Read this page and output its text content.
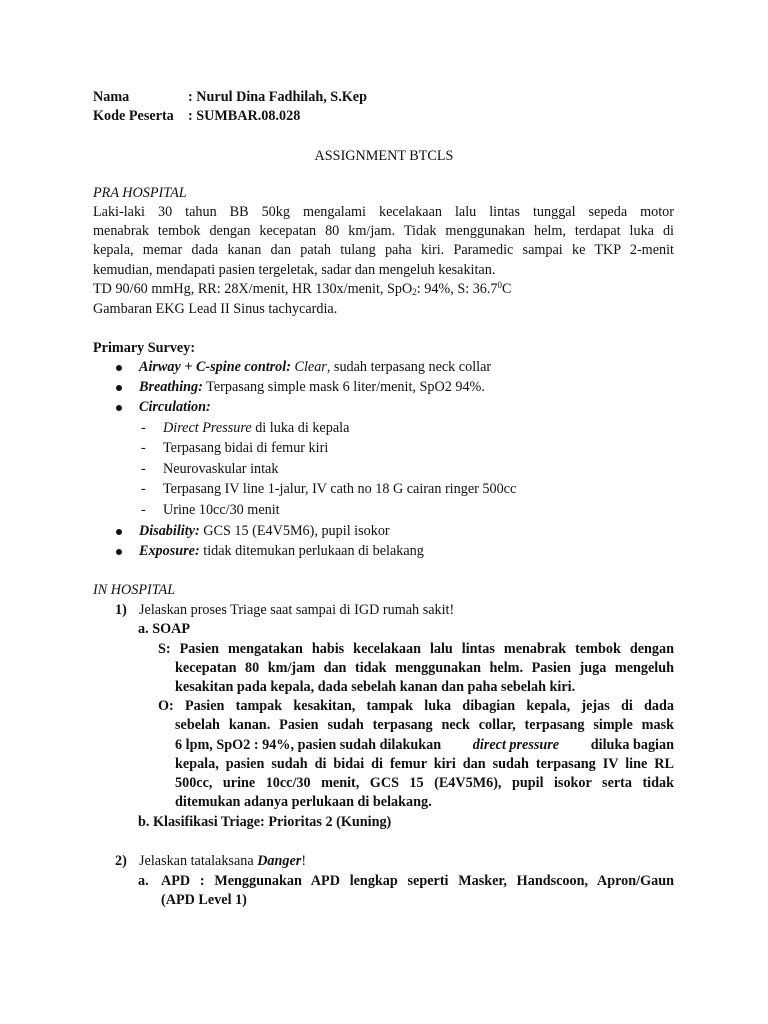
Nama	: Nurul Dina Fadhilah, S.Kep
Kode Peserta : SUMBAR.08.028
ASSIGNMENT BTCLS
PRA HOSPITAL
Laki-laki 30 tahun BB 50kg mengalami kecelakaan lalu lintas tunggal sepeda motor
menabrak tembok dengan kecepatan 80 km/jam. Tidak menggunakan helm, terdapat luka di
kepala, memar dada kanan dan patah tulang paha kiri. Paramedic sampai ke TKP 2-menit
kemudian, mendapati pasien tergeletak, sadar dan mengeluh kesakitan.
TD 90/60 mmHg, RR: 28X/menit, HR 130x/menit, SpO$_2$: 94%, S: 36.7$^0$C
Gambaran EKG Lead II Sinus tachycardia.
Primary Survey:
Airway + C-spine control: Clear, sudah terpasang neck collar
Breathing: Terpasang simple mask 6 liter/menit, SpO2 94%.
Circulation:
- Direct Pressure di luka di kepala
- Terpasang bidai di femur kiri
- Neurovaskular intak
- Terpasang IV line 1-jalur, IV cath no 18 G cairan ringer 500cc
- Urine 10cc/30 menit
Disability: GCS 15 (E4V5M6), pupil isokor
Exposure: tidak ditemukan perlukaan di belakang
IN HOSPITAL
1) Jelaskan proses Triage saat sampai di IGD rumah sakit!
a. SOAP
S: Pasien mengatakan habis kecelakaan lalu lintas menabrak tembok dengan
kecepatan 80 km/jam dan tidak menggunakan helm. Pasien juga mengeluh
kesakitan pada kepala, dada sebelah kanan dan paha sebelah kiri.
O: Pasien tampak kesakitan, tampak luka dibagian kepala, jejas di dada
sebelah kanan. Pasien sudah terpasang neck collar, terpasang simple mask
6 lpm, SpO2 : 94%, pasien sudah dilakukan direct pressure diluka bagian
kepala, pasien sudah di bidai di femur kiri dan sudah terpasang IV line RL
500cc, urine 10cc/30 menit, GCS 15 (E4V5M6), pupil isokor serta tidak
ditemukan adanya perlukaan di belakang.
b. Klasifikasi Triage: Prioritas 2 (Kuning)
2) Jelaskan tatalaksana Danger!
a. APD : Menggunakan APD lengkap seperti Masker, Handscoon, Apron/Gaun
(APD Level 1)
